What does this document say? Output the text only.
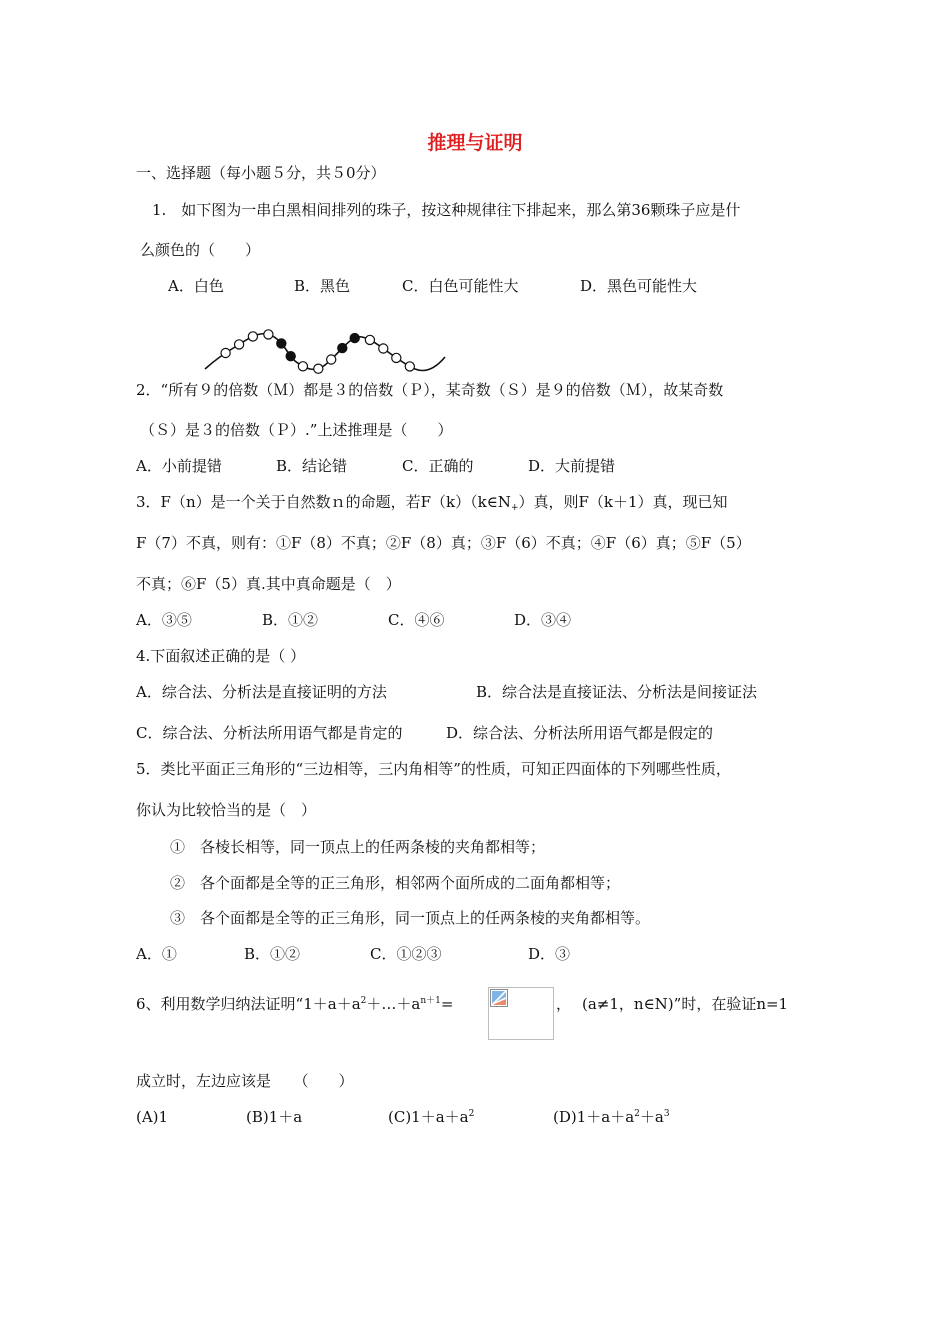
推理与证明
一、选择题（每小题５分，共５0分）
1.　如下图为一串白黑相间排列的珠子，按这种规律往下排起来，那么第36颗珠子应是什
么颜色的（　　）
A．白色	B．黑色	C．白色可能性大	D．黑色可能性大
2．“所有９的倍数（Ｍ）都是３的倍数（Ｐ），某奇数（Ｓ）是９的倍数（Ｍ），故某奇数
（Ｓ）是３的倍数（Ｐ）.”上述推理是（　　）
A．小前提错	B．结论错	C．正确的	D．大前提错
3．F（n）是一个关于自然数ｎ的命题，若$F(k)(k\in N_+)$真，则F（k＋1）真，现已知
F（7）不真，则有：①F（8）不真；②F（8）真；③F（6）不真；④F（6）真；⑤F（5）
不真；⑥F（5）真.其中真命题是（　）
A．③⑤	B．①②	C．④⑥	D．③④
4.下面叙述正确的是（ ）
A．综合法、分析法是直接证明的方法	B．综合法是直接证法、分析法是间接证法
C．综合法、分析法所用语气都是肯定的	D．综合法、分析法所用语气都是假定的
5．类比平面正三角形的“三边相等，三内角相等”的性质，可知正四面体的下列哪些性质，
你认为比较恰当的是（　）
①　各棱长相等，同一顶点上的任两条棱的夹角都相等；
②　各个面都是全等的正三角形，相邻两个面所成的二面角都相等；
③　各个面都是全等的正三角形，同一顶点上的任两条棱的夹角都相等。
A．①	B．①②	C．①②③	D．③
6、利用数学归纳法证明“$1+a+a^2+\dots+a^{n+1}=$	， (a≠1，n∈N)”时，在验证n=1
成立时，左边应该是　　（　　）
(A)1	(B)1＋a	$(C)1+a+a^2$	$(D)1+a+a^2+a^3$
